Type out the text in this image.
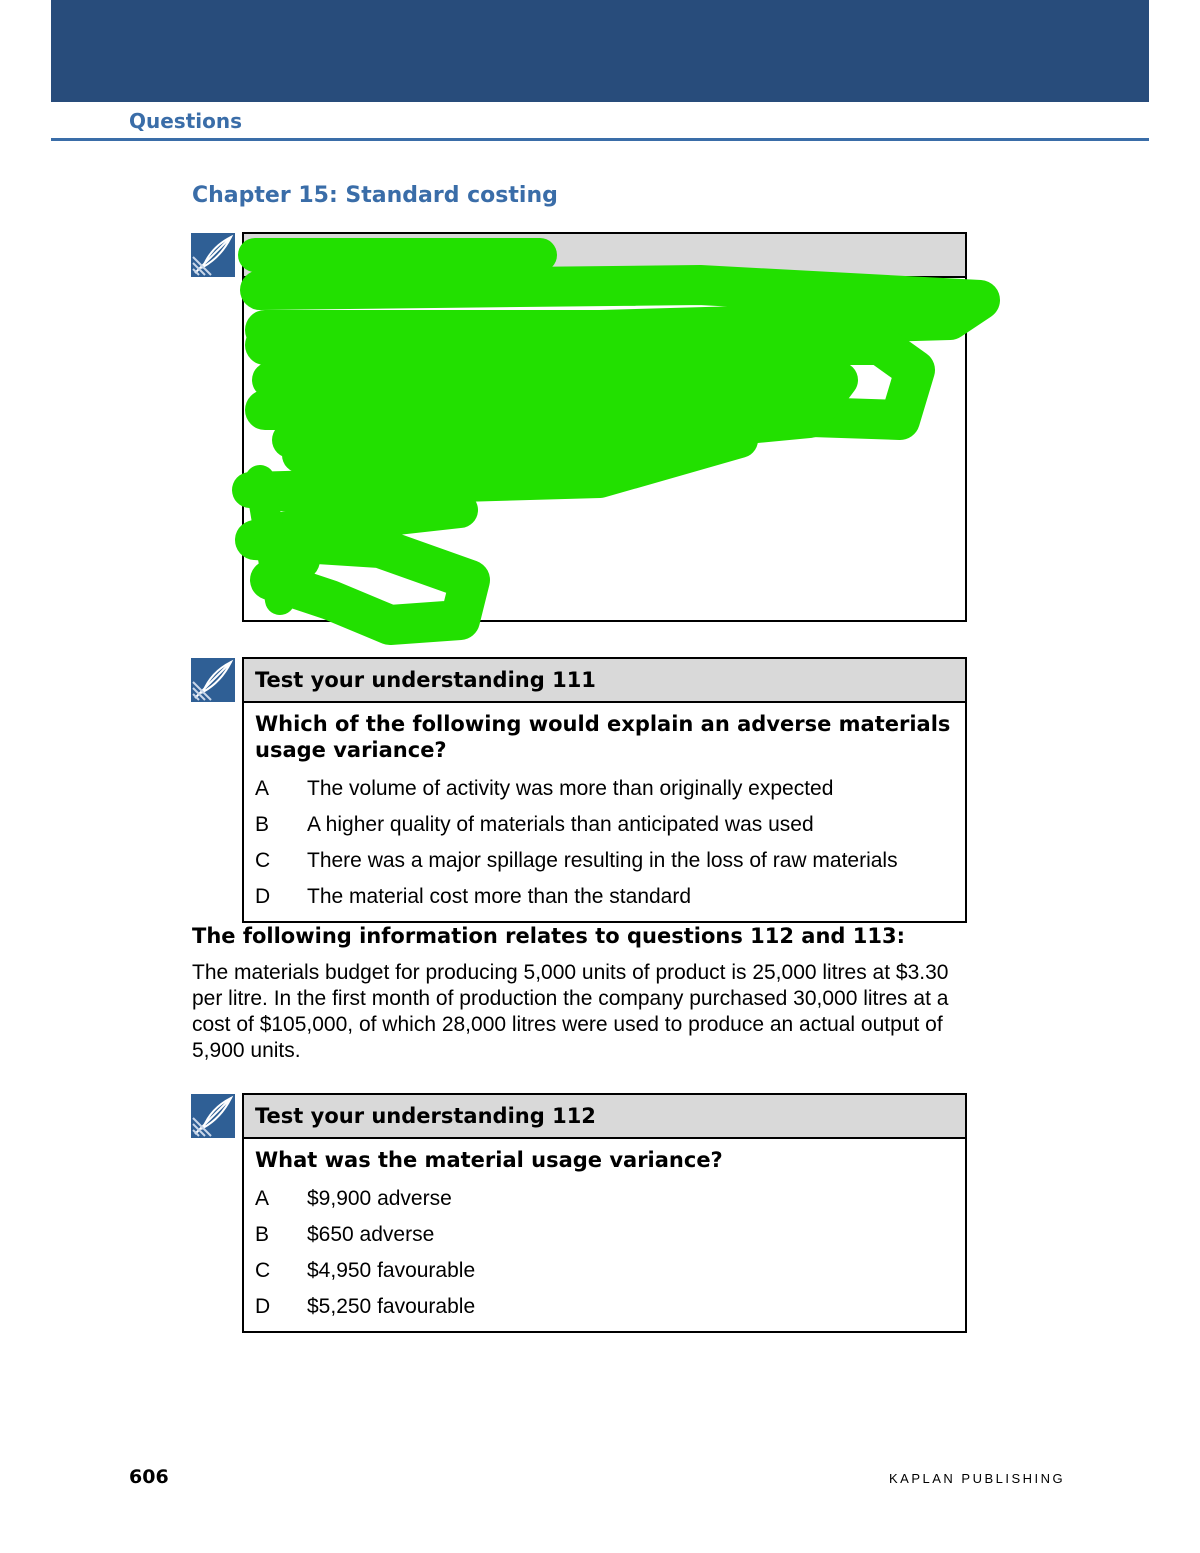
Questions
Chapter 15: Standard costing
Test your understanding 111
Which of the following would explain an adverse materials usage variance?
A	The volume of activity was more than originally expected
B	A higher quality of materials than anticipated was used
C	There was a major spillage resulting in the loss of raw materials
D	The material cost more than the standard
The following information relates to questions 112 and 113:
The materials budget for producing 5,000 units of product is 25,000 litres at $3.30 per litre. In the first month of production the company purchased 30,000 litres at a cost of $105,000, of which 28,000 litres were used to produce an actual output of 5,900 units.
Test your understanding 112
What was the material usage variance?
A	$9,900 adverse
B	$650 adverse
C	$4,950 favourable
D	$5,250 favourable
606	KAPLAN PUBLISHING
